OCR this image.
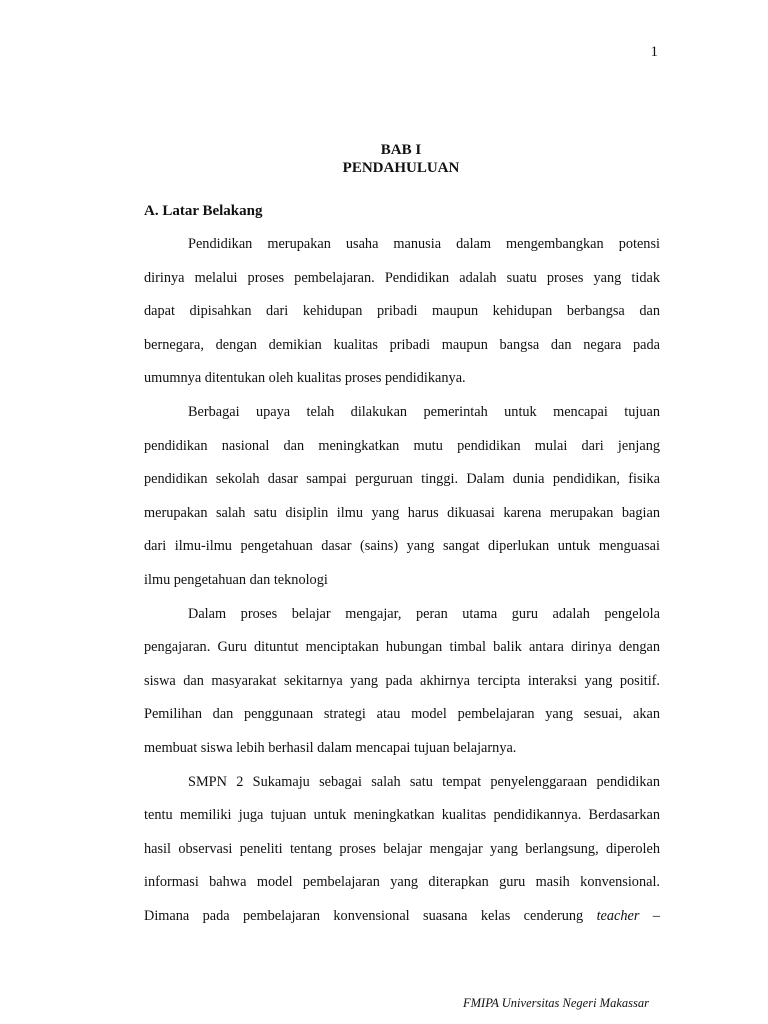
1
BAB I
PENDAHULUAN
A. Latar Belakang
Pendidikan merupakan usaha manusia dalam mengembangkan potensi
dirinya melalui proses pembelajaran. Pendidikan adalah suatu proses yang tidak
dapat dipisahkan dari kehidupan pribadi maupun kehidupan berbangsa dan
bernegara, dengan demikian kualitas pribadi maupun bangsa dan negara pada
umumnya ditentukan oleh kualitas proses pendidikanya.
Berbagai upaya telah dilakukan pemerintah untuk mencapai tujuan
pendidikan nasional dan meningkatkan mutu pendidikan mulai dari jenjang
pendidikan sekolah dasar sampai perguruan tinggi. Dalam dunia pendidikan, fisika
merupakan salah satu disiplin ilmu yang harus dikuasai karena merupakan bagian
dari ilmu-ilmu pengetahuan dasar (sains) yang sangat diperlukan untuk menguasai
ilmu pengetahuan dan teknologi
Dalam proses belajar mengajar, peran utama guru adalah pengelola
pengajaran. Guru dituntut menciptakan hubungan timbal balik antara dirinya dengan
siswa dan masyarakat sekitarnya yang pada akhirnya tercipta interaksi yang positif.
Pemilihan dan penggunaan strategi atau model pembelajaran yang sesuai, akan
membuat siswa lebih berhasil dalam mencapai tujuan belajarnya.
SMPN 2 Sukamaju sebagai salah satu tempat penyelenggaraan pendidikan
tentu memiliki juga tujuan untuk meningkatkan kualitas pendidikannya. Berdasarkan
hasil observasi peneliti tentang proses belajar mengajar yang berlangsung, diperoleh
informasi bahwa model pembelajaran yang diterapkan guru masih konvensional.
Dimana pada pembelajaran konvensional suasana kelas cenderung teacher –
FMIPA Universitas Negeri Makassar
